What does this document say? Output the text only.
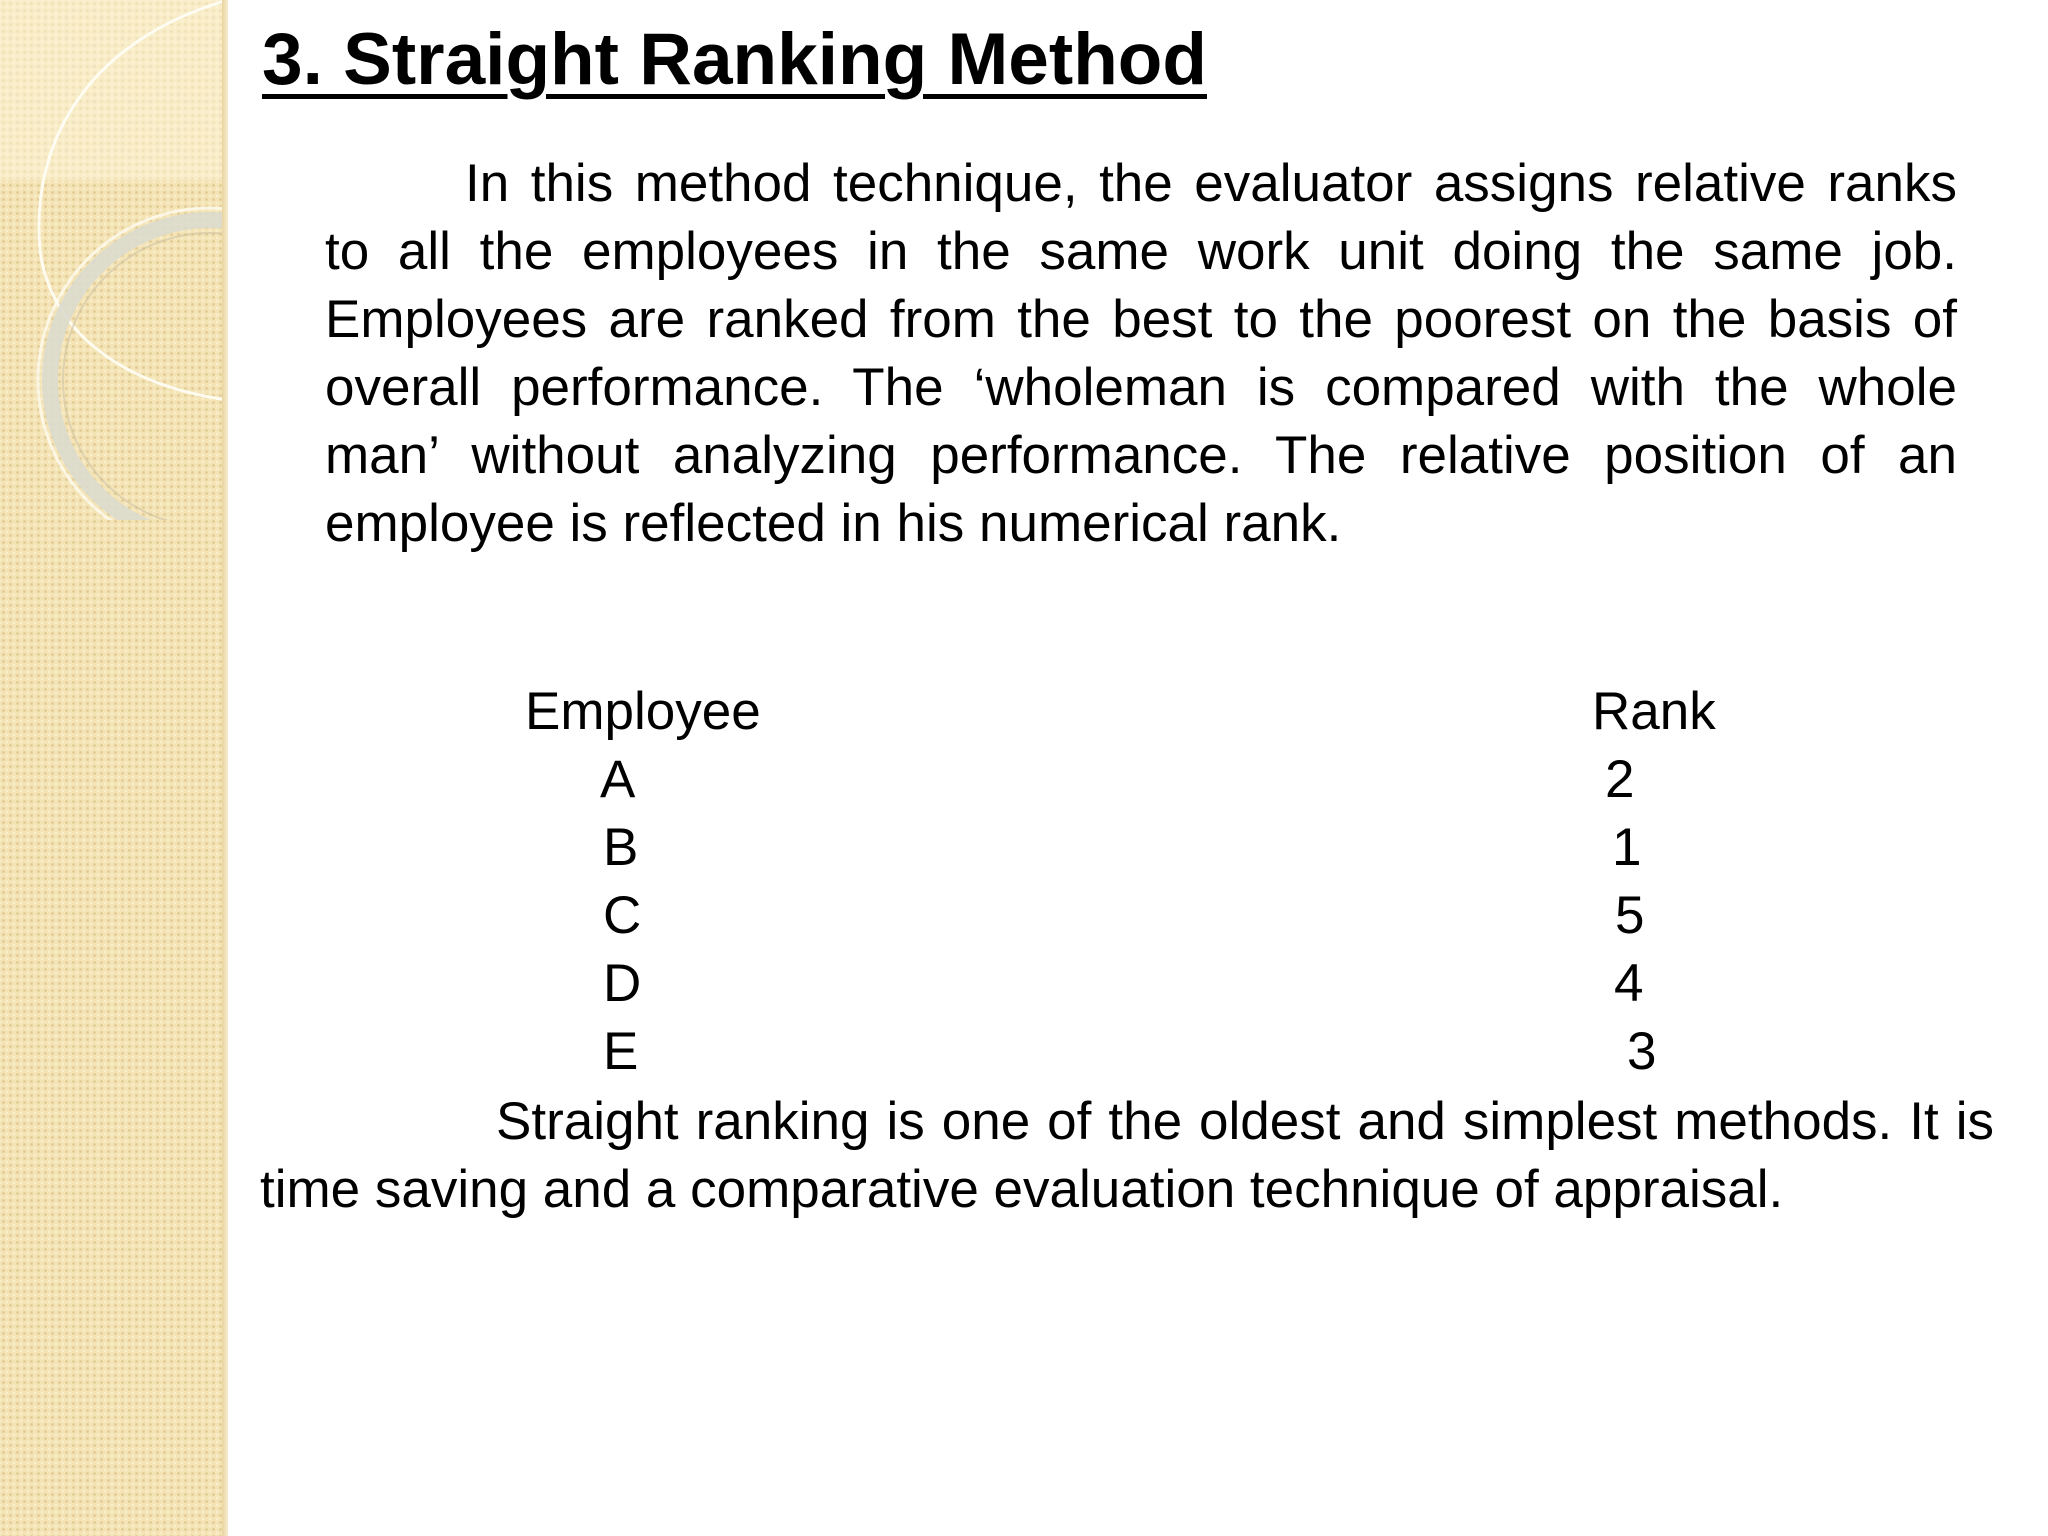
3. Straight Ranking Method

In this method technique, the evaluator assigns relative ranks to all the employees in the same work unit doing the same job. Employees are ranked from the best to the poorest on the basis of overall performance. The ‘wholeman is compared with the whole man’ without analyzing performance. The relative position of an employee is reflected in his numerical rank.

Employee	Rank
A	2
B	1
C	5
D	4
E	3

Straight ranking is one of the oldest and simplest methods. It is time saving and a comparative evaluation technique of appraisal.
